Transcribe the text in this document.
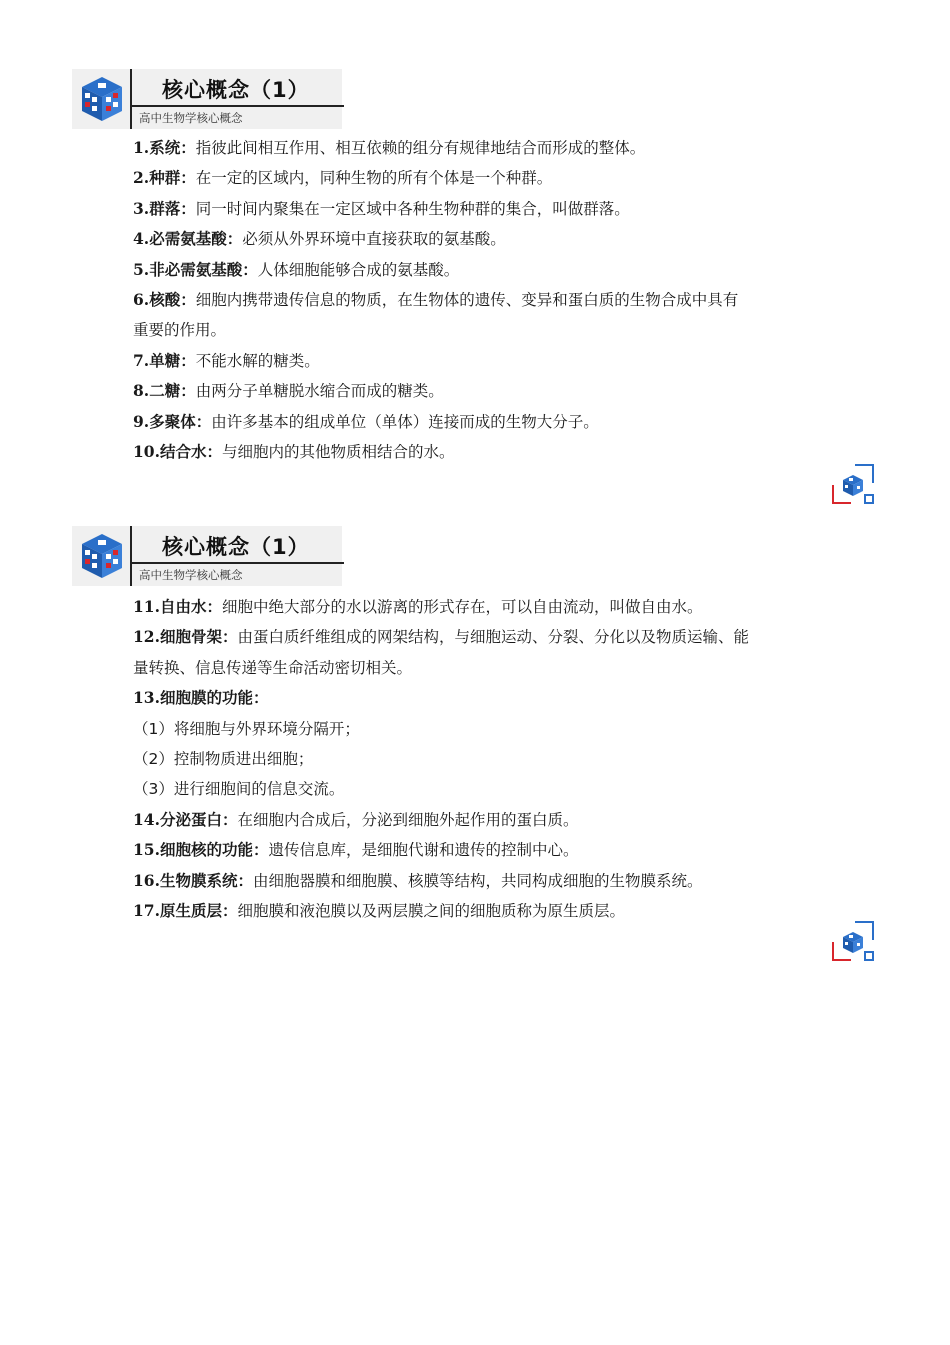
核心概念（1）
高中生物学核心概念
1.系统：指彼此间相互作用、相互依赖的组分有规律地结合而形成的整体。
2.种群：在一定的区域内，同种生物的所有个体是一个种群。
3.群落：同一时间内聚集在一定区域中各种生物种群的集合，叫做群落。
4.必需氨基酸：必须从外界环境中直接获取的氨基酸。
5.非必需氨基酸：人体细胞能够合成的氨基酸。
6.核酸：细胞内携带遗传信息的物质，在生物体的遗传、变异和蛋白质的生物合成中具有
重要的作用。
7.单糖：不能水解的糖类。
8.二糖：由两分子单糖脱水缩合而成的糖类。
9.多聚体：由许多基本的组成单位（单体）连接而成的生物大分子。
10.结合水：与细胞内的其他物质相结合的水。
核心概念（1）
高中生物学核心概念
11.自由水：细胞中绝大部分的水以游离的形式存在，可以自由流动，叫做自由水。
12.细胞骨架：由蛋白质纤维组成的网架结构，与细胞运动、分裂、分化以及物质运输、能
量转换、信息传递等生命活动密切相关。
13.细胞膜的功能：
（1）将细胞与外界环境分隔开；
（2）控制物质进出细胞；
（3）进行细胞间的信息交流。
14.分泌蛋白：在细胞内合成后，分泌到细胞外起作用的蛋白质。
15.细胞核的功能：遗传信息库，是细胞代谢和遗传的控制中心。
16.生物膜系统：由细胞器膜和细胞膜、核膜等结构，共同构成细胞的生物膜系统。
17.原生质层：细胞膜和液泡膜以及两层膜之间的细胞质称为原生质层。
